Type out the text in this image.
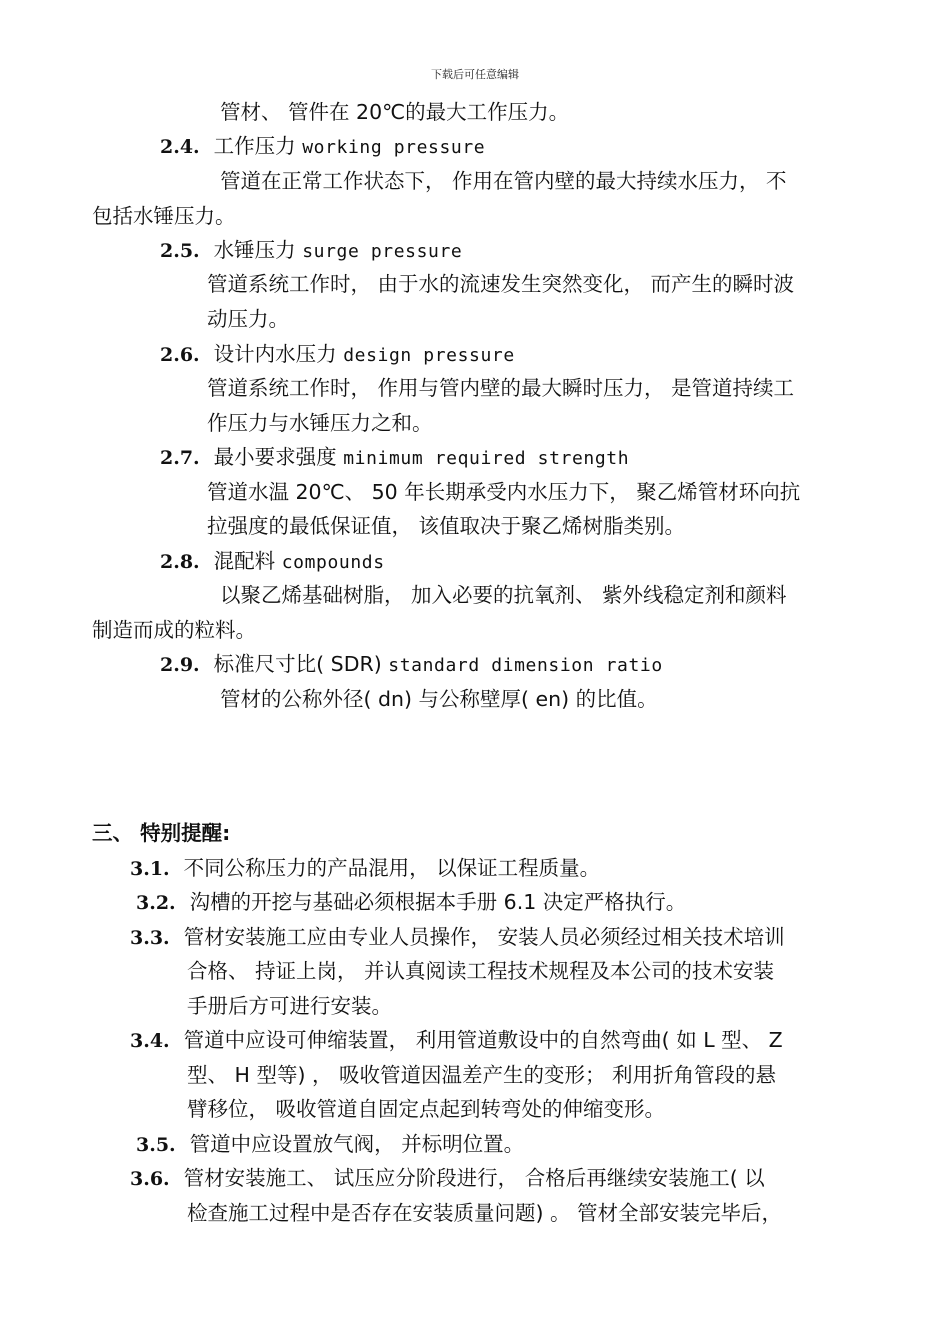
下载后可任意编辑
管材、 管件在 20℃的最大工作压力。
2.4. 工作压力 working pressure
管道在正常工作状态下， 作用在管内壁的最大持续水压力， 不
包括水锤压力。
2.5. 水锤压力 surge pressure
管道系统工作时， 由于水的流速发生突然变化， 而产生的瞬时波
动压力。
2.6. 设计内水压力 design pressure
管道系统工作时， 作用与管内壁的最大瞬时压力， 是管道持续工
作压力与水锤压力之和。
2.7. 最小要求强度 minimum required strength
管道水温 20℃、 50 年长期承受内水压力下， 聚乙烯管材环向抗
拉强度的最低保证值， 该值取决于聚乙烯树脂类别。
2.8. 混配料 compounds
以聚乙烯基础树脂， 加入必要的抗氧剂、 紫外线稳定剂和颜料
制造而成的粒料。
2.9. 标准尺寸比( SDR) standard dimension ratio
管材的公称外径( dn) 与公称壁厚( en) 的比值。
三、 特别提醒:
3.1. 不同公称压力的产品混用， 以保证工程质量。
3.2. 沟槽的开挖与基础必须根据本手册 6.1 决定严格执行。
3.3. 管材安装施工应由专业人员操作， 安装人员必须经过相关技术培训
合格、 持证上岗， 并认真阅读工程技术规程及本公司的技术安装
手册后方可进行安装。
3.4. 管道中应设可伸缩装置， 利用管道敷设中的自然弯曲( 如 L 型、 Z
型、 H 型等) ， 吸收管道因温差产生的变形； 利用折角管段的悬
臂移位， 吸收管道自固定点起到转弯处的伸缩变形。
3.5. 管道中应设置放气阀， 并标明位置。
3.6. 管材安装施工、 试压应分阶段进行， 合格后再继续安装施工( 以
检查施工过程中是否存在安装质量问题) 。 管材全部安装完毕后，
